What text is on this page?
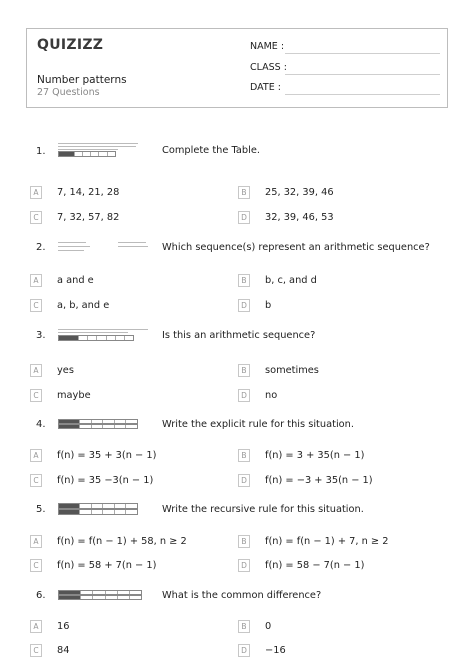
QUIZIZZ
Number patterns
27 Questions
NAME :
CLASS :
DATE :
1.	Complete the Table.
A	7, 14, 21, 28	B	25, 32, 39, 46
C	7, 32, 57, 82	D	32, 39, 46, 53
2.	Which sequence(s) represent an arithmetic sequence?
A	a and e	B	b, c, and d
C	a, b, and e	D	b
3.	Is this an arithmetic sequence?
A	yes	B	sometimes
C	maybe	D	no
4.	Write the explicit rule for this situation.
A	f(n) = 35 + 3(n − 1)	B	f(n) = 3 + 35(n − 1)
C	f(n) = 35 −3(n − 1)	D	f(n) = −3 + 35(n − 1)
5.	Write the recursive rule for this situation.
A	f(n) = f(n − 1) + 58, n ≥ 2	B	f(n) = f(n − 1) + 7, n ≥ 2
C	f(n) = 58 + 7(n − 1)	D	f(n) = 58 − 7(n − 1)
6.	What is the common difference?
A	16	B	0
C	84	D	−16
